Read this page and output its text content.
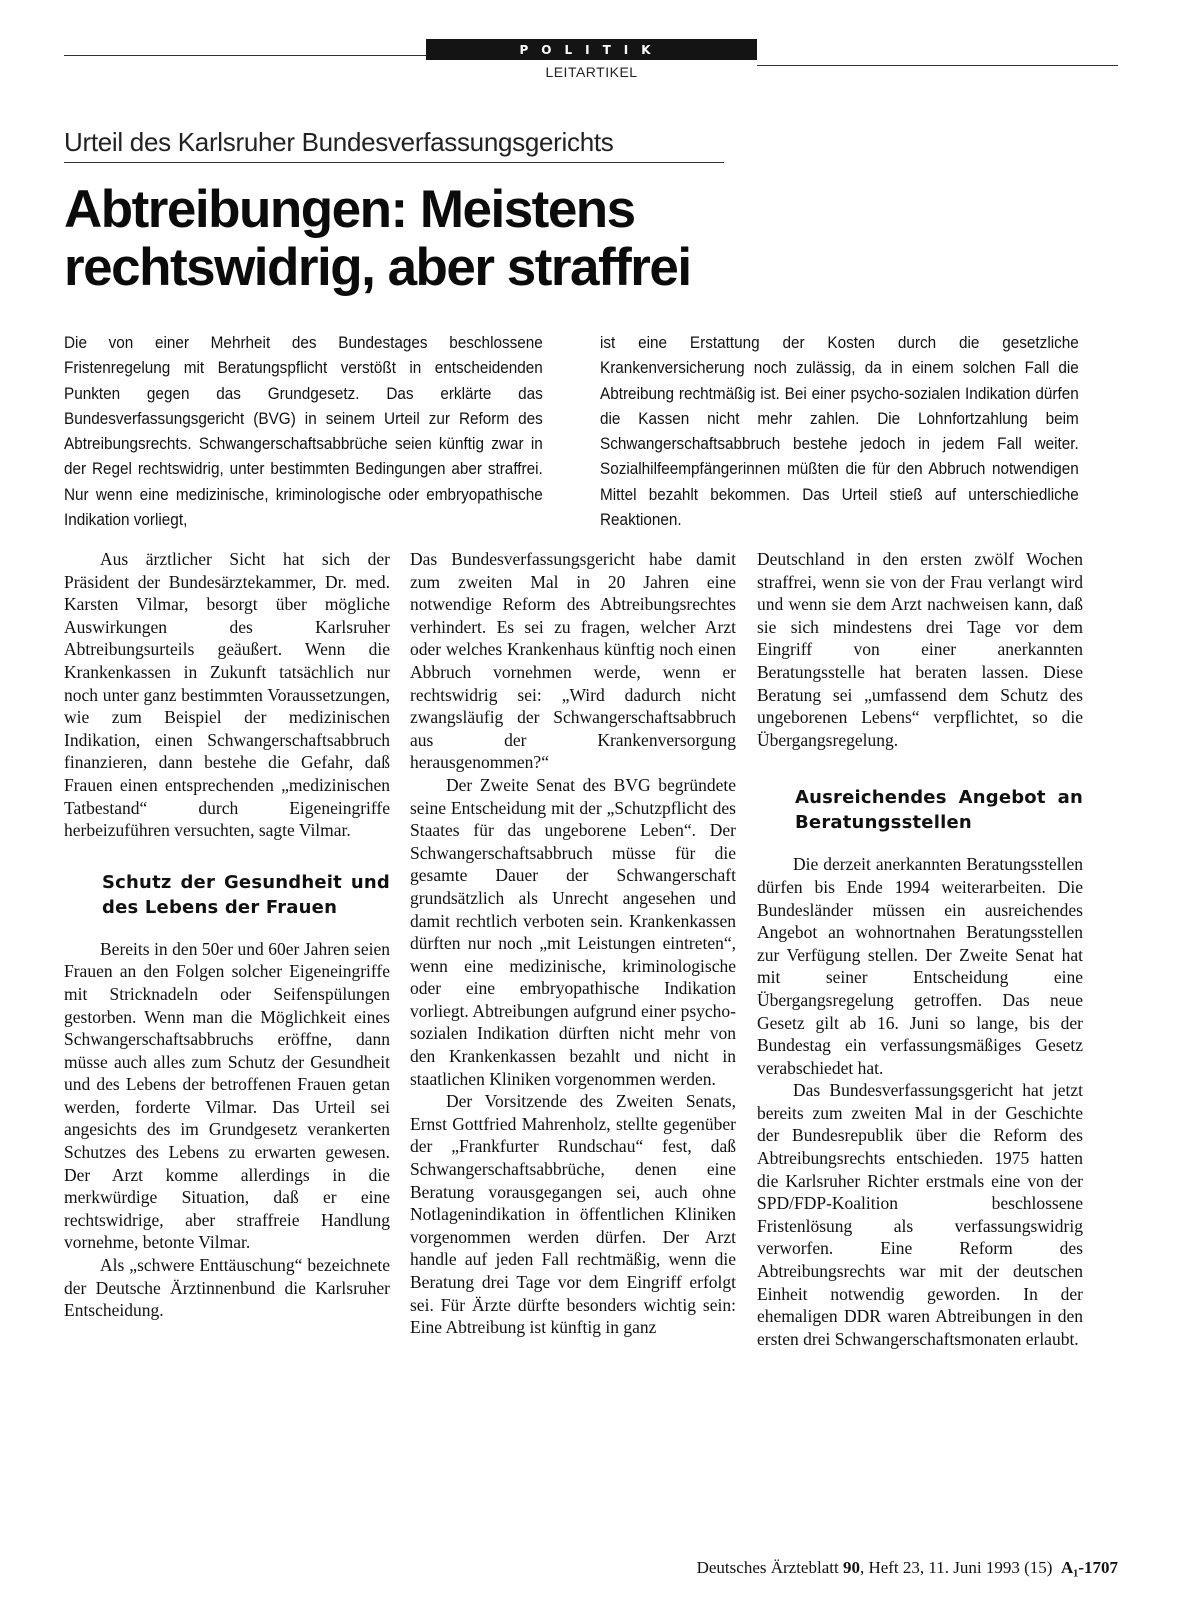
POLITIK
LEITARTIKEL
Urteil des Karlsruher Bundesverfassungsgerichts
Abtreibungen: Meistens
rechtswidrig, aber straffrei
Die von einer Mehrheit des Bundestages beschlossene Fristenregelung mit Beratungspflicht verstößt in entscheidenden Punkten gegen das Grundgesetz. Das erklärte das Bundesverfassungsgericht (BVG) in seinem Urteil zur Reform des Abtreibungsrechts. Schwangerschaftsabbrüche seien künftig zwar in der Regel rechtswidrig, unter bestimmten Bedingungen aber straffrei. Nur wenn eine medizinische, kriminologische oder embryopathische Indikation vorliegt,
ist eine Erstattung der Kosten durch die gesetzliche Krankenversicherung noch zulässig, da in einem solchen Fall die Abtreibung rechtmäßig ist. Bei einer psycho-sozialen Indikation dürfen die Kassen nicht mehr zahlen. Die Lohnfortzahlung beim Schwangerschaftsabbruch bestehe jedoch in jedem Fall weiter. Sozialhilfeempfängerinnen müßten die für den Abbruch notwendigen Mittel bezahlt bekommen. Das Urteil stieß auf unterschiedliche Reaktionen.

Aus ärztlicher Sicht hat sich der Präsident der Bundesärztekammer, Dr. med. Karsten Vilmar, besorgt über mögliche Auswirkungen des Karlsruher Abtreibungsurteils geäußert. Wenn die Krankenkassen in Zukunft tatsächlich nur noch unter ganz bestimmten Voraussetzungen, wie zum Beispiel der medizinischen Indikation, einen Schwangerschaftsabbruch finanzieren, dann bestehe die Gefahr, daß Frauen einen entsprechenden „medizinischen Tatbestand“ durch Eigeneingriffe herbeizuführen versuchten, sagte Vilmar.

Schutz der Gesundheit und des Lebens der Frauen

Bereits in den 50er und 60er Jahren seien Frauen an den Folgen solcher Eigeneingriffe mit Stricknadeln oder Seifenspülungen gestorben. Wenn man die Möglichkeit eines Schwangerschaftsabbruchs eröffne, dann müsse auch alles zum Schutz der Gesundheit und des Lebens der betroffenen Frauen getan werden, forderte Vilmar. Das Urteil sei angesichts des im Grundgesetz verankerten Schutzes des Lebens zu erwarten gewesen. Der Arzt komme allerdings in die merkwürdige Situation, daß er eine rechtswidrige, aber straffreie Handlung vornehme, betonte Vilmar.

Als „schwere Enttäuschung“ bezeichnete der Deutsche Ärztinnenbund die Karlsruher Entscheidung.

Das Bundesverfassungsgericht habe damit zum zweiten Mal in 20 Jahren eine notwendige Reform des Abtreibungsrechtes verhindert. Es sei zu fragen, welcher Arzt oder welches Krankenhaus künftig noch einen Abbruch vornehmen werde, wenn er rechtswidrig sei: „Wird dadurch nicht zwangsläufig der Schwangerschaftsabbruch aus der Krankenversorgung herausgenommen?“

Der Zweite Senat des BVG begründete seine Entscheidung mit der „Schutzpflicht des Staates für das ungeborene Leben“. Der Schwangerschaftsabbruch müsse für die gesamte Dauer der Schwangerschaft grundsätzlich als Unrecht angesehen und damit rechtlich verboten sein. Krankenkassen dürften nur noch „mit Leistungen eintreten“, wenn eine medizinische, kriminologische oder eine embryopathische Indikation vorliegt. Abtreibungen aufgrund einer psycho-sozialen Indikation dürften nicht mehr von den Krankenkassen bezahlt und nicht in staatlichen Kliniken vorgenommen werden.

Der Vorsitzende des Zweiten Senats, Ernst Gottfried Mahrenholz, stellte gegenüber der „Frankfurter Rundschau“ fest, daß Schwangerschaftsabbrüche, denen eine Beratung vorausgegangen sei, auch ohne Notlagenindikation in öffentlichen Kliniken vorgenommen werden dürfen. Der Arzt handle auf jeden Fall rechtmäßig, wenn die Beratung drei Tage vor dem Eingriff erfolgt sei. Für Ärzte dürfte besonders wichtig sein: Eine Abtreibung ist künftig in ganz

Deutschland in den ersten zwölf Wochen straffrei, wenn sie von der Frau verlangt wird und wenn sie dem Arzt nachweisen kann, daß sie sich mindestens drei Tage vor dem Eingriff von einer anerkannten Beratungsstelle hat beraten lassen. Diese Beratung sei „umfassend dem Schutz des ungeborenen Lebens“ verpflichtet, so die Übergangsregelung.

Ausreichendes Angebot an Beratungsstellen

Die derzeit anerkannten Beratungsstellen dürfen bis Ende 1994 weiterarbeiten. Die Bundesländer müssen ein ausreichendes Angebot an wohnortnahen Beratungsstellen zur Verfügung stellen. Der Zweite Senat hat mit seiner Entscheidung eine Übergangsregelung getroffen. Das neue Gesetz gilt ab 16. Juni so lange, bis der Bundestag ein verfassungsmäßiges Gesetz verabschiedet hat.

Das Bundesverfassungsgericht hat jetzt bereits zum zweiten Mal in der Geschichte der Bundesrepublik über die Reform des Abtreibungsrechts entschieden. 1975 hatten die Karlsruher Richter erstmals eine von der SPD/FDP-Koalition beschlossene Fristenlösung als verfassungswidrig verworfen. Eine Reform des Abtreibungsrechts war mit der deutschen Einheit notwendig geworden. In der ehemaligen DDR waren Abtreibungen in den ersten drei Schwangerschaftsmonaten erlaubt.

Deutsches Ärzteblatt 90, Heft 23, 11. Juni 1993 (15) A₁-1707
